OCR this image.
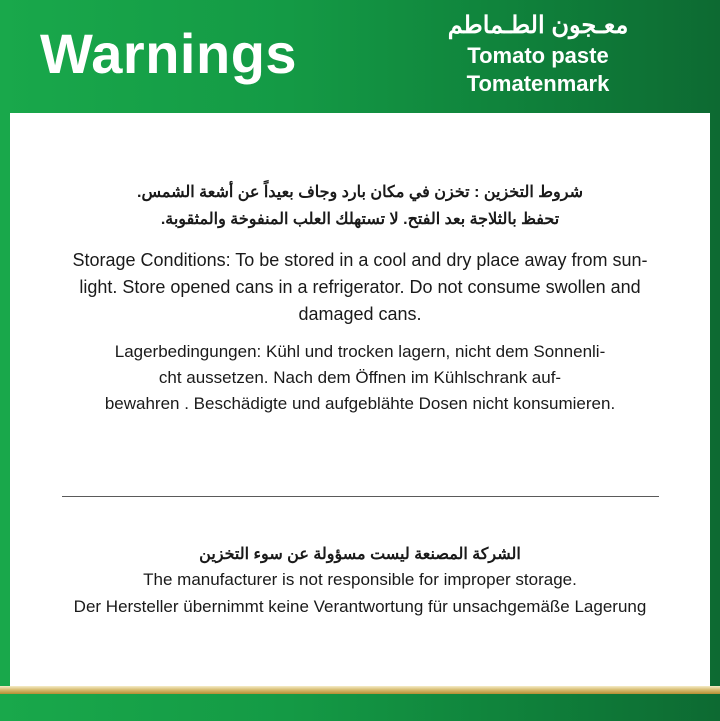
Warnings	معـجون الطـماطم
Tomato paste
Tomatenmark
شروط التخزين : تخزن في مكان بارد وجاف بعيداً عن أشعة الشمس.
تحفظ بالثلاجة بعد الفتح. لا تستهلك العلب المنفوخة والمثقوبة.
Storage Conditions: To be stored in a cool and dry place away from sun-
light. Store opened cans in a refrigerator. Do not consume swollen and
damaged cans.
Lagerbedingungen: Kühl und trocken lagern, nicht dem Sonnenli-
cht aussetzen. Nach dem Öffnen im Kühlschrank auf-
bewahren . Beschädigte und aufgeblähte Dosen nicht konsumieren.
الشركة المصنعة ليست مسؤولة عن سوء التخزين
The manufacturer is not responsible for improper storage.
Der Hersteller übernimmt keine Verantwortung für unsachgemäße Lagerung
